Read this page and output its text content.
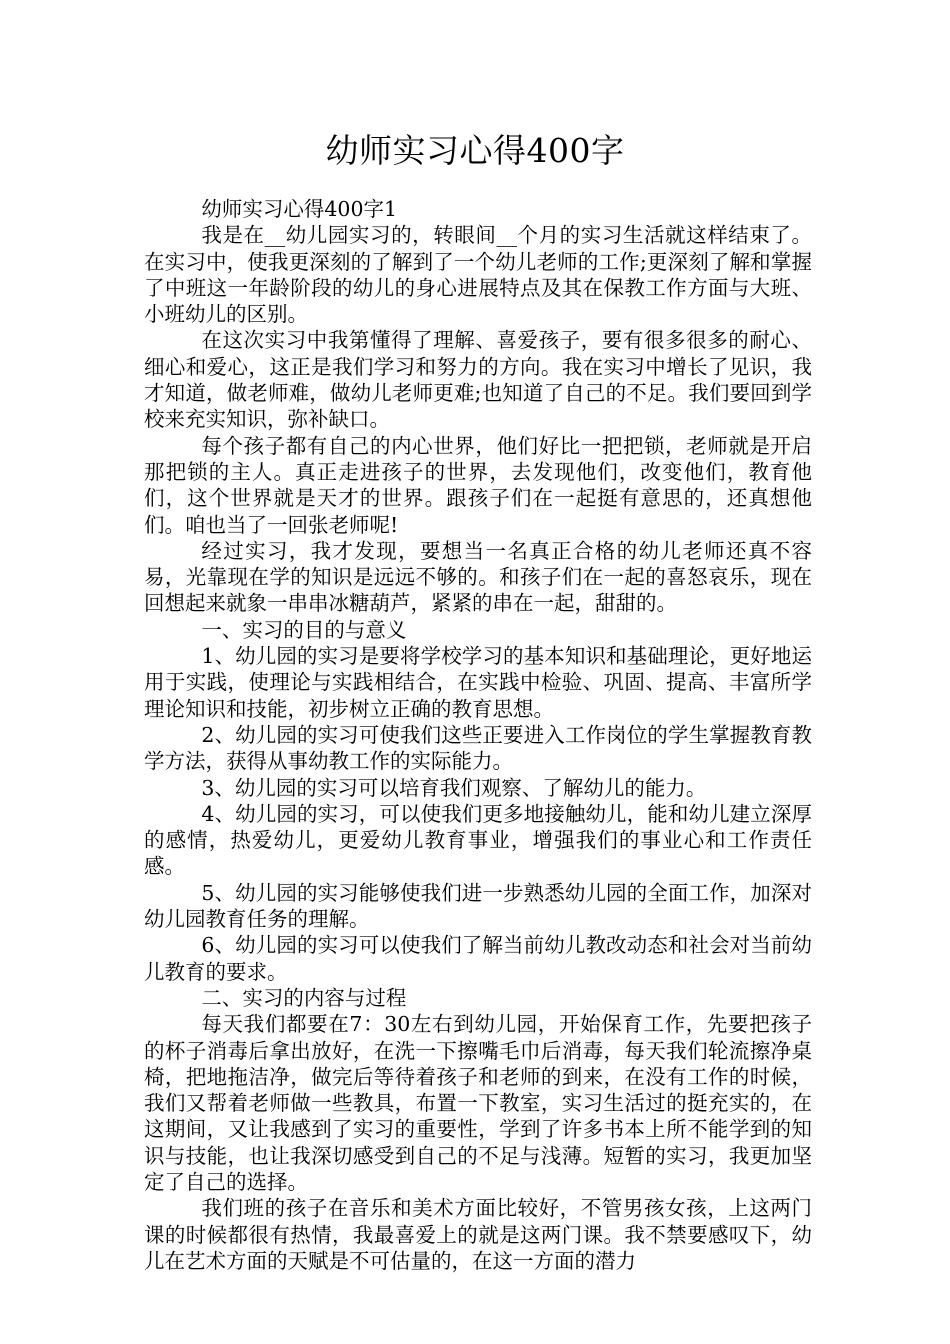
幼师实习心得400字

幼师实习心得400字1

我是在__幼儿园实习的，转眼间__个月的实习生活就这样结束了。在实习中，使我更深刻的了解到了一个幼儿老师的工作;更深刻了解和掌握了中班这一年龄阶段的幼儿的身心进展特点及其在保教工作方面与大班、小班幼儿的区别。

在这次实习中我第懂得了理解、喜爱孩子，要有很多很多的耐心、细心和爱心，这正是我们学习和努力的方向。我在实习中增长了见识，我才知道，做老师难，做幼儿老师更难;也知道了自己的不足。我们要回到学校来充实知识，弥补缺口。

每个孩子都有自己的内心世界，他们好比一把把锁，老师就是开启那把锁的主人。真正走进孩子的世界，去发现他们，改变他们，教育他们，这个世界就是天才的世界。跟孩子们在一起挺有意思的，还真想他们。咱也当了一回张老师呢!

经过实习，我才发现，要想当一名真正合格的幼儿老师还真不容易，光靠现在学的知识是远远不够的。和孩子们在一起的喜怒哀乐，现在回想起来就象一串串冰糖葫芦，紧紧的串在一起，甜甜的。

一、实习的目的与意义

1、幼儿园的实习是要将学校学习的基本知识和基础理论，更好地运用于实践，使理论与实践相结合，在实践中检验、巩固、提高、丰富所学理论知识和技能，初步树立正确的教育思想。

2、幼儿园的实习可使我们这些正要进入工作岗位的学生掌握教育教学方法，获得从事幼教工作的实际能力。

3、幼儿园的实习可以培育我们观察、了解幼儿的能力。

4、幼儿园的实习，可以使我们更多地接触幼儿，能和幼儿建立深厚的感情，热爱幼儿，更爱幼儿教育事业，增强我们的事业心和工作责任感。

5、幼儿园的实习能够使我们进一步熟悉幼儿园的全面工作，加深对幼儿园教育任务的理解。

6、幼儿园的实习可以使我们了解当前幼儿教改动态和社会对当前幼儿教育的要求。

二、实习的内容与过程

每天我们都要在7：30左右到幼儿园，开始保育工作，先要把孩子的杯子消毒后拿出放好，在洗一下擦嘴毛巾后消毒，每天我们轮流擦净桌椅，把地拖洁净，做完后等待着孩子和老师的到来，在没有工作的时候，我们又帮着老师做一些教具，布置一下教室，实习生活过的挺充实的，在这期间，又让我感到了实习的重要性，学到了许多书本上所不能学到的知识与技能，也让我深切感受到自己的不足与浅薄。短暂的实习，我更加坚定了自己的选择。

我们班的孩子在音乐和美术方面比较好，不管男孩女孩，上这两门课的时候都很有热情，我最喜爱上的就是这两门课。我不禁要感叹下，幼儿在艺术方面的天赋是不可估量的，在这一方面的潜力
